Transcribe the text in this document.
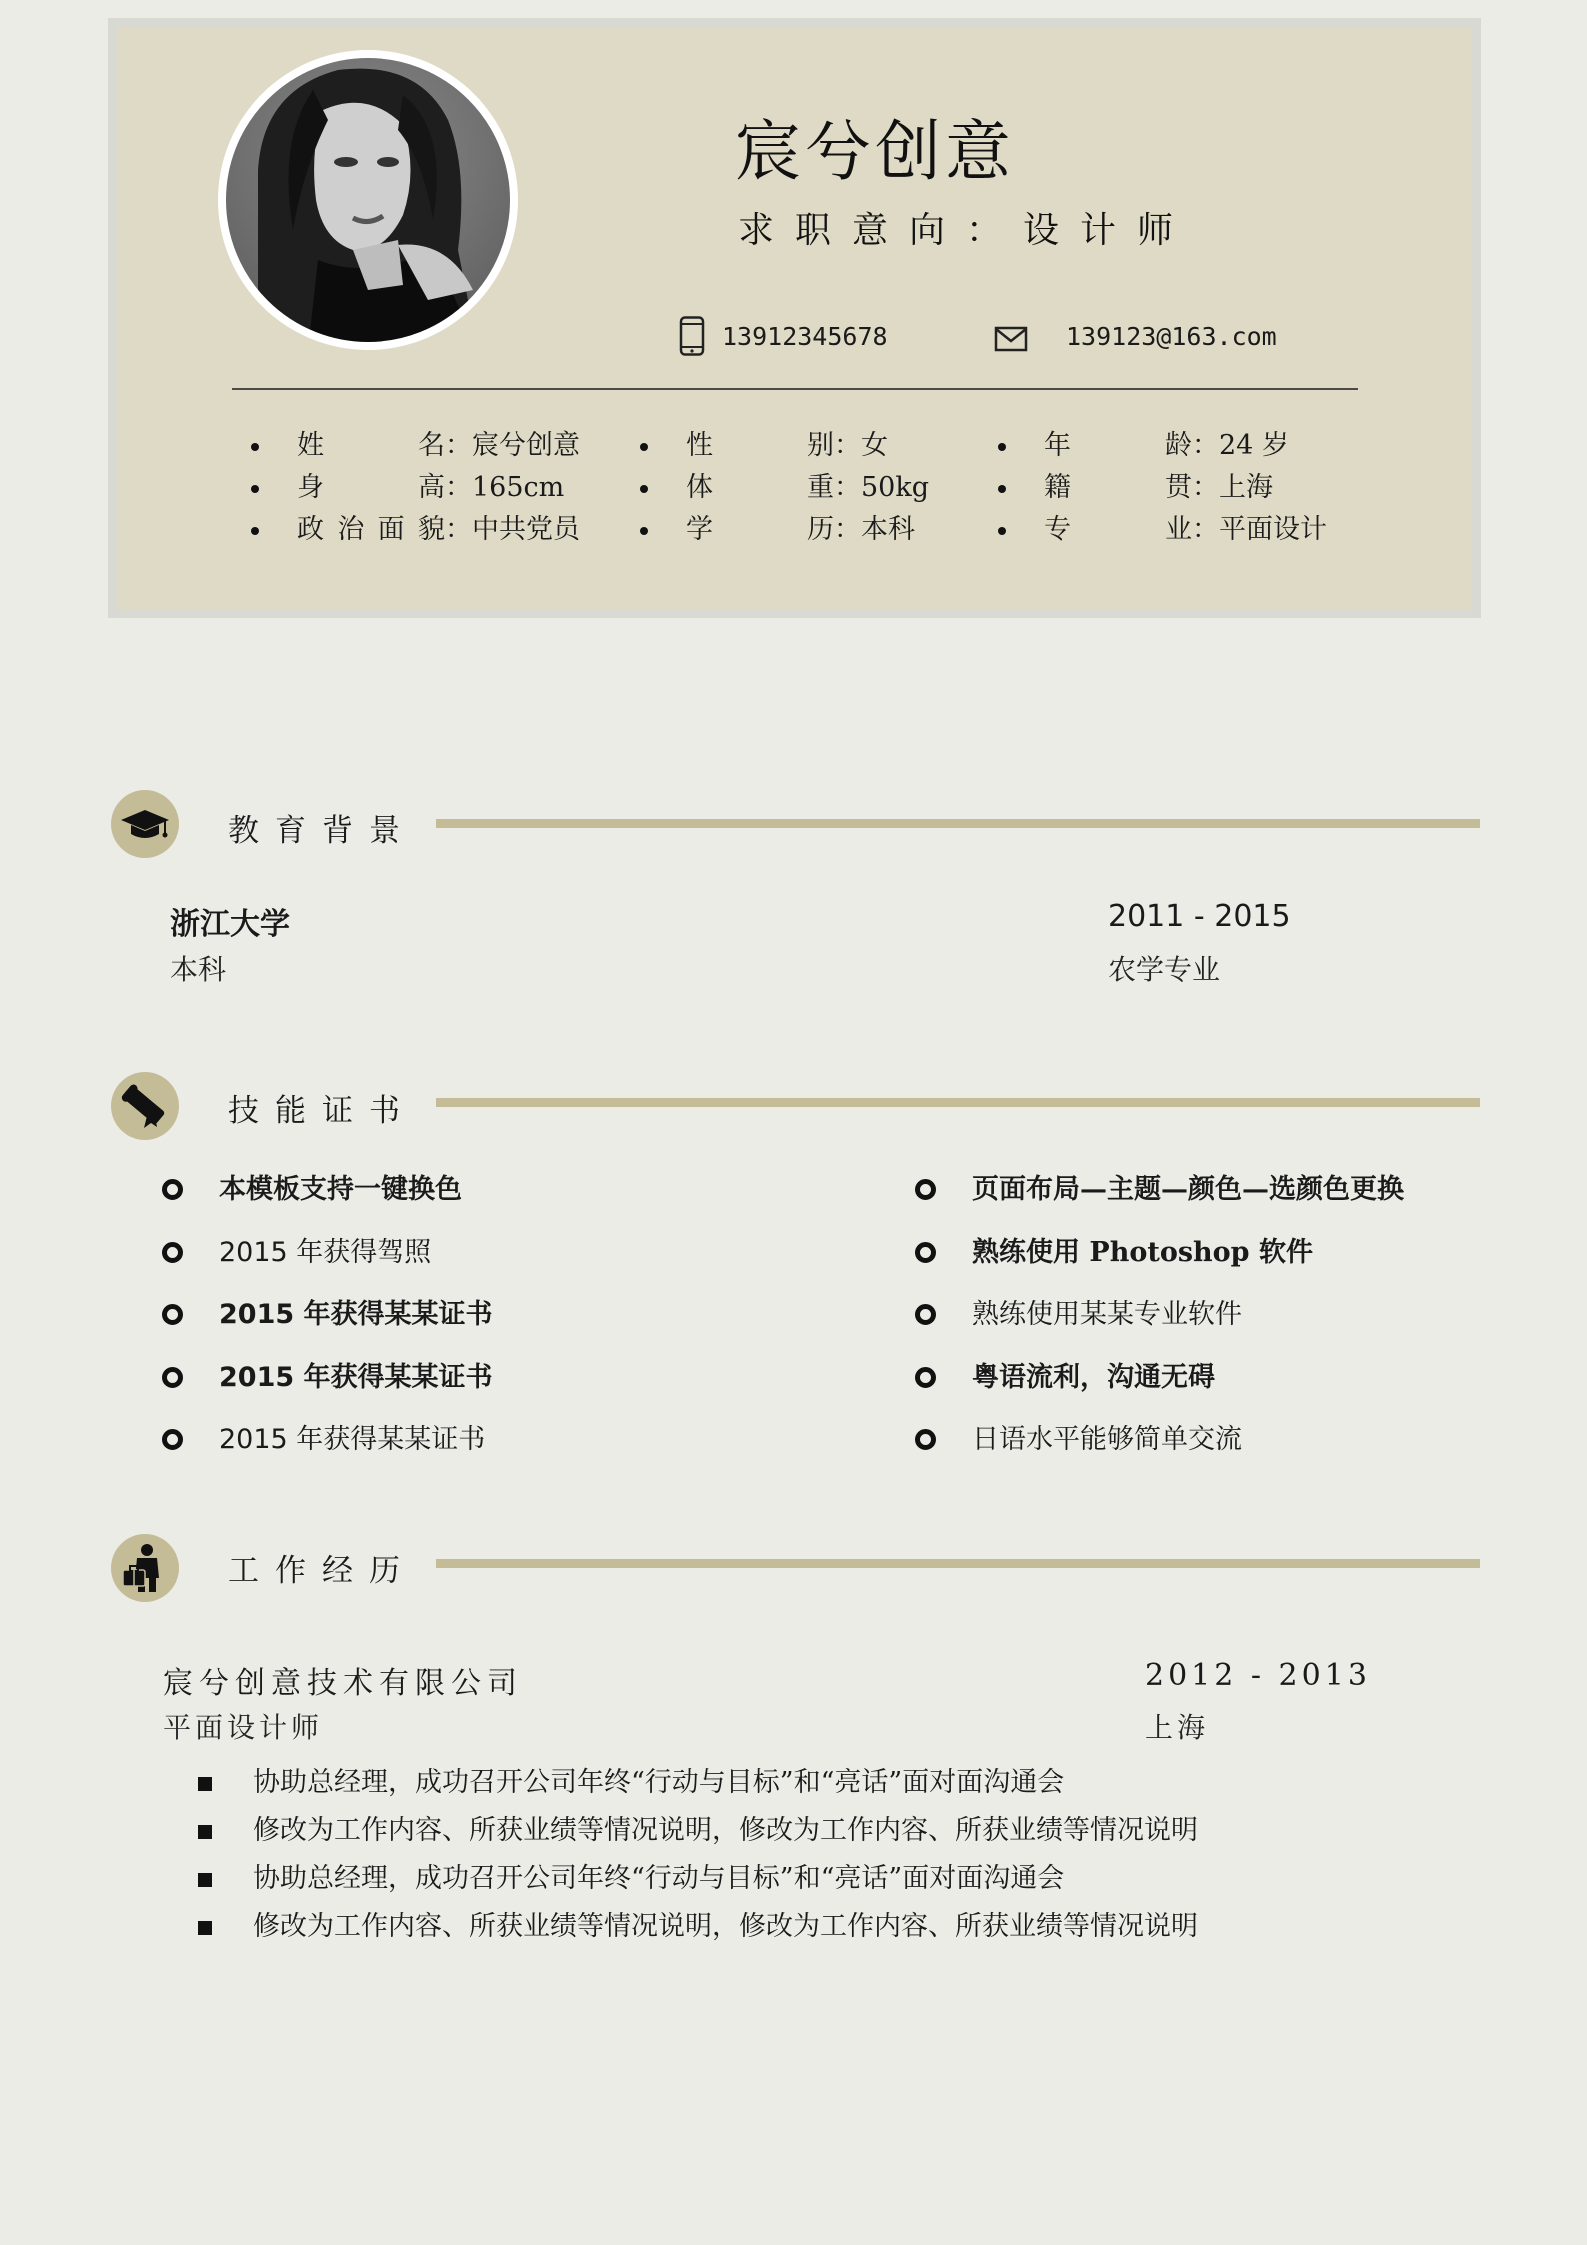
宸兮创意
求职意向：设计师
13912345678	139123@163.com
姓名：宸兮创意	性别：女	年龄：24 岁
身高：165cm	体重：50kg	籍贯：上海
政治面貌：中共党员	学历：本科	专业：平面设计
教育背景
浙江大学
本科
2011 - 2015
农学专业
技能证书
本模板支持一键换色
2015 年获得驾照
2015 年获得某某证书
2015 年获得某某证书
2015 年获得某某证书
页面布局—主题—颜色—选颜色更换
熟练使用 Photoshop 软件
熟练使用某某专业软件
粤语流利，沟通无碍
日语水平能够简单交流
工作经历
宸兮创意技术有限公司
平面设计师
2012 - 2013
上海
协助总经理，成功召开公司年终“行动与目标”和“亮话”面对面沟通会
修改为工作内容、所获业绩等情况说明，修改为工作内容、所获业绩等情况说明
协助总经理，成功召开公司年终“行动与目标”和“亮话”面对面沟通会
修改为工作内容、所获业绩等情况说明，修改为工作内容、所获业绩等情况说明
